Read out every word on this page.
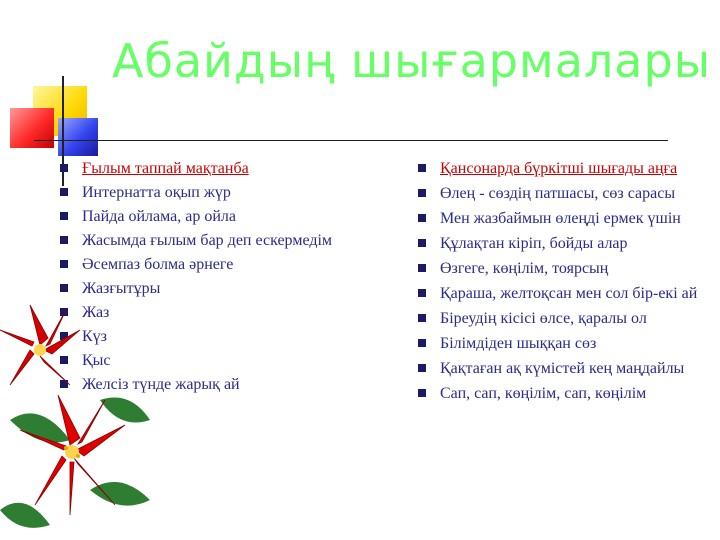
Абайдың шығармалары
Ғылым таппай мақтанба
Интернатта оқып жүр
Пайда ойлама, ар ойла
Жасымда ғылым бар деп ескермедім
Әсемпаз болма әрнеге
Жазғытұры
Жаз
Күз
Қыс
Желсіз түнде жарық ай
Қансонарда бүркітші шығады аңға
Өлең - сөздің патшасы, сөз сарасы
Мен жазбаймын өлеңді ермек үшін
Құлақтан кіріп, бойды алар
Өзгеге, көңілім, тоярсың
Қараша, желтоқсан мен сол бір-екі ай
Біреудің кісісі өлсе, қаралы ол
Білімдіден шыққан сөз
Қақтаған ақ күмістей кең маңдайлы
Сап, сап, көңілім, сап, көңілім
